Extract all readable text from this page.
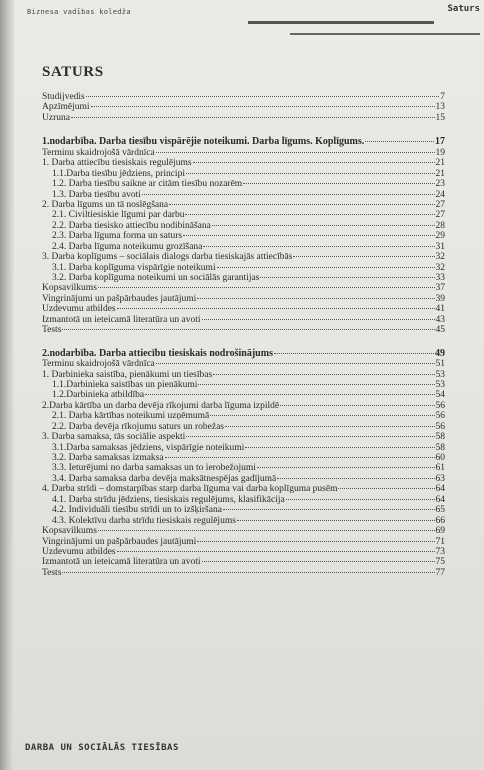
Biznesa vadības koledža	Saturs
SATURS
Studijvedis	7
Apzīmējumi	13
Uzruna	15
1.nodarbība. Darba tiesību vispārējie noteikumi. Darba līgums. Koplīgums.	17
Terminu skaidrojošā vārdnīca	19
1. Darba attiecību tiesiskais regulējums	21
1.1.Darba tiesību jēdziens, principi	21
1.2. Darba tiesību saikne ar citām tiesību nozarēm	23
1.3. Darba tiesību avoti	24
2. Darba līgums un tā noslēgšana	27
2.1. Civiltiesiskie līgumi par darbu	27
2.2. Darba tiesisko attiecību nodibināšana	28
2.3. Darba līguma forma un saturs	29
2.4. Darba līguma noteikumu grozīšana	31
3. Darba koplīgums – sociālais dialogs darba tiesiskajās attiecībās	32
3.1. Darba koplīguma vispārīgie noteikumi	32
3.2. Darba koplīguma noteikumi un sociālās garantijas	33
Kopsavilkums	37
Vingrinājumi un pašpārbaudes jautājumi	39
Uzdevumu atbildes	41
Izmantotā un ieteicamā literatūra un avoti	43
Tests	45
2.nodarbība. Darba attiecību tiesiskais nodrošinājums	49
Terminu skaidrojošā vārdnīca	51
1. Darbinieka saistība, pienākumi un tiesības	53
1.1.Darbinieka saistības un pienākumi	53
1.2.Darbinieka atbildība	54
2.Darba kārtība un darba devēja rīkojumi darba līguma izpildē	56
2.1. Darba kārtības noteikumi uzņēmumā	56
2.2. Darba devēja rīkojumu saturs un robežas	56
3. Darba samaksa, tās sociālie aspekti	58
3.1.Darba samaksas jēdziens, vispārīgie noteikumi	58
3.2. Darba samaksas izmaksa	60
3.3. Ieturējumi no darba samaksas un to ierobežojumi	61
3.4. Darba samaksa darba devēja maksātnespējas gadījumā	63
4. Darba strīdi – domstarpības starp darba līguma vai darba koplīguma pusēm	64
4.1. Darba strīdu jēdziens, tiesiskais regulējums, klasifikācija	64
4.2. Individuāli tiesību strīdi un to izšķiršana	65
4.3. Kolektīvu darba strīdu tiesiskais regulējums	66
Kopsavilkums	69
Vingrinājumi un pašpārbaudes jautājumi	71
Uzdevumu atbildes	73
Izmantotā un ieteicamā literatūra un avoti	75
Tests	77
DARBA UN SOCIĀLĀS TIESĪBAS
